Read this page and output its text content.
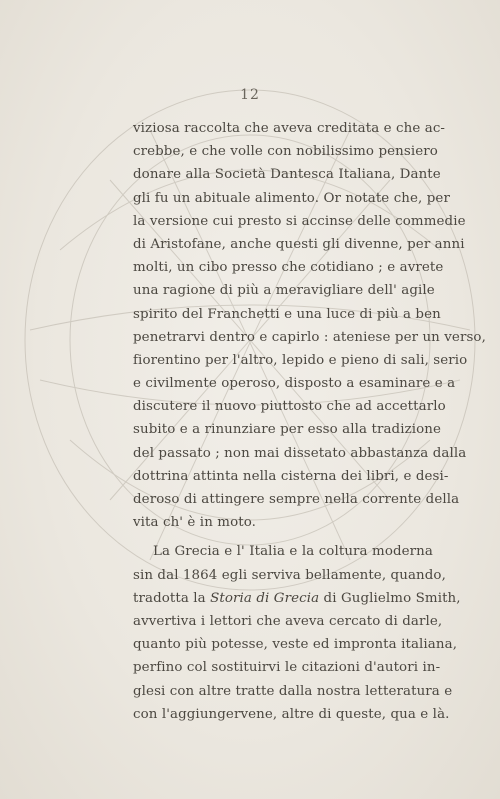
12
viziosa raccolta che aveva creditata e che ac-
crebbe, e che volle con nobilissimo pensiero
donare alla Società Dantesca Italiana, Dante
gli fu un abituale alimento. Or notate che, per
la versione cui presto si accinse delle commedie
di Aristofane, anche questi gli divenne, per anni
molti, un cibo presso che cotidiano ; e avrete
una ragione di più a meravigliare dell' agile
spirito del Franchetti e una luce di più a ben
penetrarvi dentro e capirlo : ateniese per un verso,
fiorentino per l'altro, lepido e pieno di sali, serio
e civilmente operoso, disposto a esaminare e a
discutere il nuovo piuttosto che ad accettarlo
subito e a rinunziare per esso alla tradizione
del passato ; non mai dissetato abbastanza dalla
dottrina attinta nella cisterna dei libri, e desi-
deroso di attingere sempre nella corrente della
vita ch' è in moto.
La Grecia e l' Italia e la coltura moderna
sin dal 1864 egli serviva bellamente, quando,
tradotta la Storia di Grecia di Guglielmo Smith,
avvertiva i lettori che aveva cercato di darle,
quanto più potesse, veste ed impronta italiana,
perfino col sostituirvi le citazioni d'autori in-
glesi con altre tratte dalla nostra letteratura e
con l'aggiungervene, altre di queste, qua e là.
